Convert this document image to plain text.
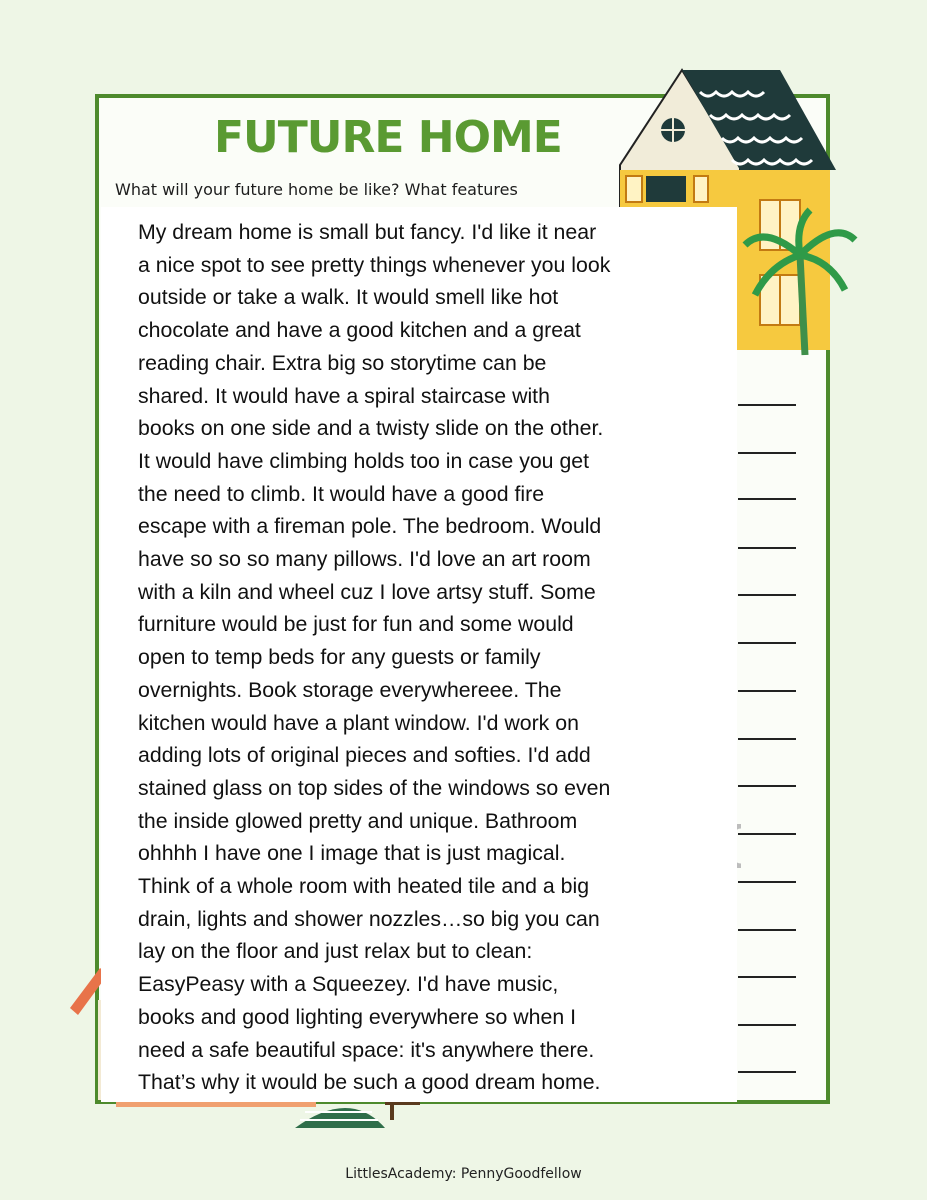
FUTURE HOME

What will your future home be like? What features

My dream home is small but fancy. I'd like it near
a nice spot to see pretty things whenever you look
outside or take a walk. It would smell like hot
chocolate and have a good kitchen and a great
reading chair. Extra big so storytime can be
shared. It would have a spiral staircase with
books on one side and a twisty slide on the other.
It would have climbing holds too in case you get
the need to climb. It would have a good fire
escape with a fireman pole. The bedroom. Would
have so so so many pillows. I'd love an art room
with a kiln and wheel cuz I love artsy stuff. Some
furniture would be just for fun and some would
open to temp beds for any guests or family
overnights. Book storage everywhereee. The
kitchen would have a plant window. I'd work on
adding lots of original pieces and softies. I'd add
stained glass on top sides of the windows so even
the inside glowed pretty and unique. Bathroom
ohhhh I have one I image that is just magical.
Think of a whole room with heated tile and a big
drain, lights and shower nozzles…so big you can
lay on the floor and just relax but to clean:
EasyPeasy with a Squeezey. I'd have music,
books and good lighting everywhere so when I
need a safe beautiful space: it's anywhere there.
That’s why it would be such a good dream home.

LittlesAcademy: PennyGoodfellow
